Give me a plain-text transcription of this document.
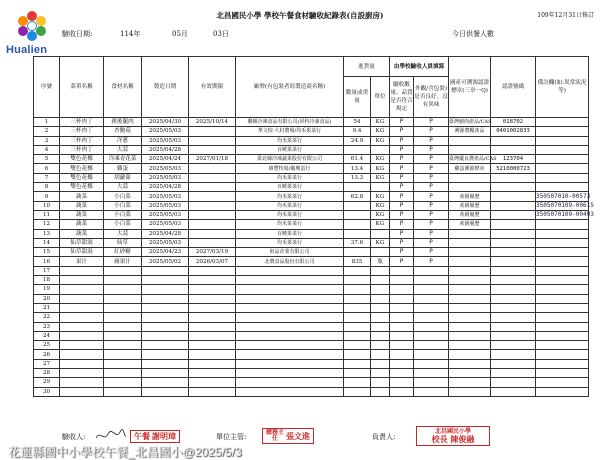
Hualien
北昌國民小學 學校午餐食材驗收紀錄表(自設廚房)	109年12月31日修訂
驗收日期:	114年	05月	03日	今日供餐人數
序號	菜單名稱	食材名稱	製造日期	有效期限	廠牌(有包裝者寫製造商名稱)	進貨量		由學校驗收人員填寫		國產可溯源認證標章(三章一Q)	認證號碼	備註欄(如:異常狀況等)
						數量或重量	單位	驗收數量、品質是否符合規定	外觀/含包裝)是否良好、沒有異味			
1	三杯肉丁	豬後腿肉	2025/04/30	2025/10/14	聯順冷凍食品有限公司(屏科冷凍食品)	54	KG	P	P	臺灣豬肉產品/CAS	018702	
2	三杯肉丁	杏鮑菇	2025/05/03		華文校-大村農場/均禾果菜行	9.4	KG	P	P	溯源農糧產品	0401002833	
3	三杯肉丁	洋蔥	2025/05/03		均禾果菜行	24.9	KG	P	P			
4	三杯肉丁	大蒜	2025/04/28		百曉果菜行			P	P			
5	雙色花椰	冷凍青花菜	2025/04/24	2027/01/18	臺北縣冷凍蔬果股份有限公司	61.4	KG	P	P	臺灣優良農產品/CAS	123704	
6	雙色花椰	雞蛋	2025/05/03		維豐牧場/鵝興蛋行	13.4	KG	P	P	雞蛋溯源標章	5210000723	
7	雙色花椰	胡蘿蔔	2025/05/03		均禾果菜行	13.3	KG	P	P			
8	雙色花椰	大蒜	2025/04/28		百曉果菜行			P	P			
9	蔬菜	小白菜	2025/05/03		均禾果菜行	62.8	KG	P	P	產銷履歷		350507010-00573
10	蔬菜	小白菜	2025/05/03		均禾果菜行		KG	P	P	產銷履歷		3505070109-00615
11	蔬菜	小白菜	2025/05/03		均禾果菜行		KG	P	P	產銷履歷		3505070109-00493
12	蔬菜	小白菜	2025/05/03		均禾果菜行		KG	P	P	產銷履歷		
13	蔬菜	大蒜	2025/04/28		百曉果菜行			P	P			
14	仙草甜湯	仙草	2025/05/03		均禾果菜行	37.6	KG	P	P			
15	仙草甜湯	紅砂糖	2025/04/23	2027/03/19	祖品企業有限公司			P	P			
16	果汁	蘋果汁	2025/05/02	2026/03/07	北農食品股份有限公司	835	瓶	P	P			
17												
18												
19												
20												
21												
22												
23												
24												
25												
26												
27												
28												
29												
30												
驗收人:	午餐 謝明璋	單位主管:
總務主任	張文進	負責人:
北昌國民小學
校長 陳俊融
花蓮縣國中小學校午餐_北昌國小@2025/5/3
